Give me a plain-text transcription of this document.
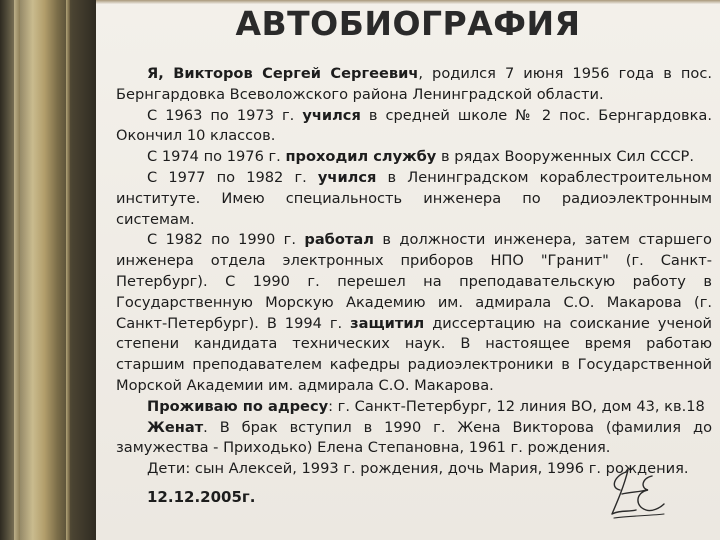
АВТОБИОГРАФИЯ

Я, Викторов Сергей Сергеевич, родился 7 июня 1956 года в пос. Бернгардовка Всеволожского района Ленинградской области.

С 1963 по 1973 г. учился в средней школе № 2 пос. Бернгардовка. Окончил 10 классов.

С 1974 по 1976 г. проходил службу в рядах Вооруженных Сил СССР.

С 1977 по 1982 г. учился в Ленинградском кораблестроительном институте. Имею специальность инженера по радиоэлектронным системам.

С 1982 по 1990 г. работал в должности инженера, затем старшего инженера отдела электронных приборов НПО "Гранит" (г. Санкт-Петербург). С 1990 г. перешел на преподавательскую работу в Государственную Морскую Академию им. адмирала С.О. Макарова (г. Санкт-Петербург). В 1994 г. защитил диссертацию на соискание ученой степени кандидата технических наук. В настоящее время работаю старшим преподавателем кафедры радиоэлектроники в Государственной Морской Академии им. адмирала С.О. Макарова.

Проживаю по адресу: г. Санкт-Петербург, 12 линия ВО, дом 43, кв.18

Женат. В брак вступил в 1990 г. Жена Викторова (фамилия до замужества - Приходько) Елена Степановна, 1961 г. рождения.

Дети: сын Алексей, 1993 г. рождения, дочь Мария, 1996 г. рождения.

12.12.2005г.
